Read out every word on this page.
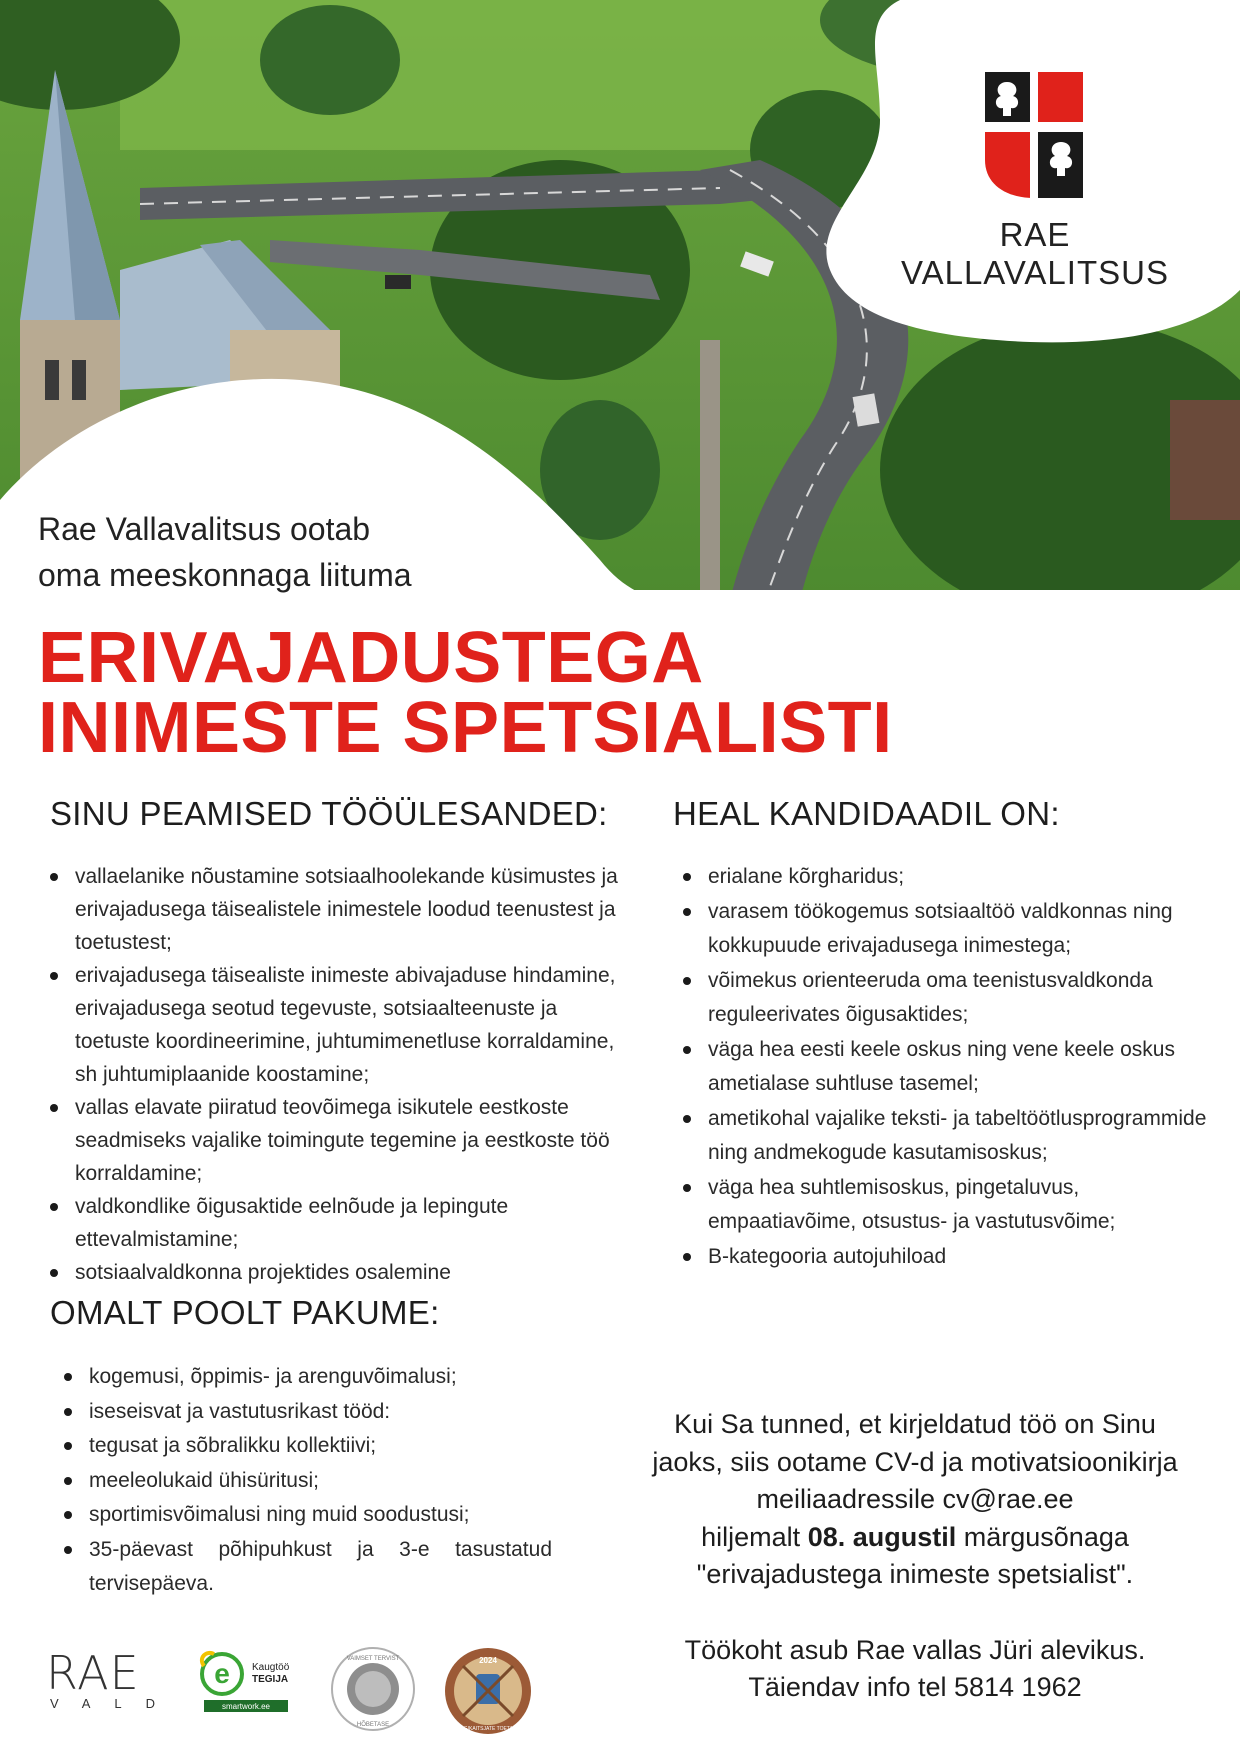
RAE VALLAVALITSUS
Rae Vallavalitsus ootab
oma meeskonnaga liituma
ERIVAJADUSTEGA
INIMESTE SPETSIALISTI
SINU PEAMISED TÖÖÜLESANDED:
vallaelanike nõustamine sotsiaalhoolekande küsimustes ja erivajadusega täisealistele inimestele loodud teenustest ja toetustest;
erivajadusega täisealiste inimeste abivajaduse hindamine, erivajadusega seotud tegevuste, sotsiaalteenuste ja toetuste koordineerimine, juhtumimenetluse korraldamine, sh juhtumiplaanide koostamine;
vallas elavate piiratud teovõimega isikutele eestkoste seadmiseks vajalike toimingute tegemine ja eestkoste töö korraldamine;
valdkondlike õigusaktide eelnõude ja lepingute ettevalmistamine;
sotsiaalvaldkonna projektides osalemine
HEAL KANDIDAADIL ON:
erialane kõrgharidus;
varasem töökogemus sotsiaaltöö valdkonnas ning kokkupuude erivajadusega inimestega;
võimekus orienteeruda oma teenistusvaldkonda reguleerivates õigusaktides;
väga hea eesti keele oskus ning vene keele oskus ametialase suhtluse tasemel;
ametikohal vajalike teksti- ja tabeltöötlusprogrammide ning andmekogude kasutamisoskus;
väga hea suhtlemisoskus, pingetaluvus, empaatiavõime, otsustus- ja vastutusvõime;
B-kategooria autojuhiload
OMALT POOLT PAKUME:
kogemusi, õppimis- ja arenguvõimalusi;
iseseisvat ja vastutusrikast tööd:
tegusat ja sõbralikku kollektiivi;
meeleolukaid ühisüritusi;
sportimisvõimalusi ning muid soodustusi;
35-päevast põhipuhkust ja 3-e tasustatud tervisepäeva.

Kui Sa tunned, et kirjeldatud töö on Sinu

jaoks, siis ootame CV-d ja motivatsioonikirja

meiliaadressile cv@rae.ee

hiljemalt 08. augustil märgusõnaga

"erivajadustega inimeste spetsialist".

Töökoht asub Rae vallas Jüri alevikus.

Täiendav info tel 5814 1962

RAE
VALD
e Kaugtöö
TEGIJA
smartwork.ee
VAIMSET TERVIST
HÕBETASE
2024
RIIGIKAITSJATE TOETAJA
